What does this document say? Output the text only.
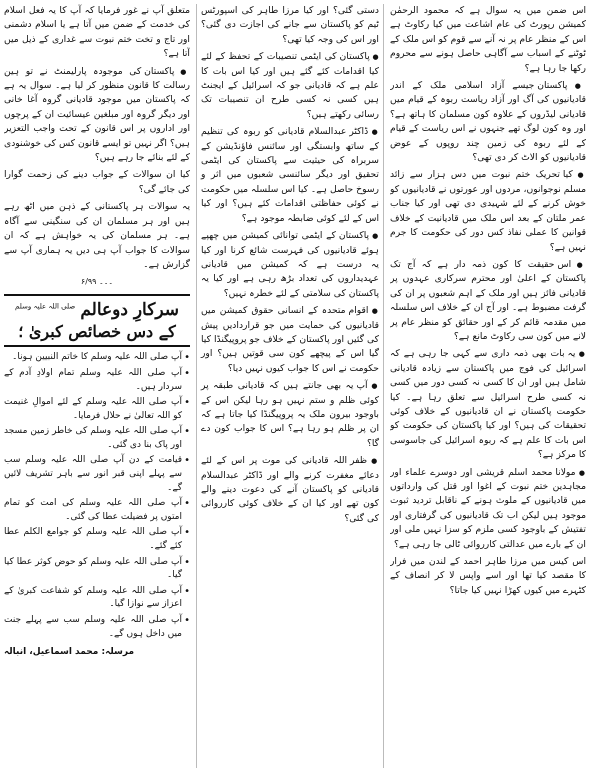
اس ضمن میں یہ سوال ہے کہ محمود الرحمٰن کمیشن رپورٹ کی عام اشاعت میں کیا رکاوٹ ہے اس کے منظر عام پر نہ آنے سے قوم کو اس ملک کے ٹوٹنے کے اسباب سے آگاہی حاصل ہونے سے محروم رکھا جا رہا ہے؟

● پاکستان جیسے آزاد اسلامی ملک کے اندر قادیانیوں کی آگ اور آزاد ریاست ربوہ کے قیام میں قادیانی لیڈروں کے علاوہ کون مسلمان کا ہاتھ ہے؟ اور وہ کون لوگ تھے جنہوں نے اس ریاست کے قیام کے لئے ربوہ کی زمین چند روپوں کے عوض قادیانیوں کو الاٹ کر دی تھی؟

● کیا تحریک ختم نبوت میں دس ہزار سے زائد مسلم نوجوانوں، مردوں اور عورتوں نے قادیانیوں کو خوش کرنے کے لئے شہیدی دی تھی اور کیا جناب عمر ملتان کے بعد اس ملک میں قادیانیت کے خلاف قوانین کا عملی نفاذ کس دور کی حکومت کا جرم نہیں ہے؟

● اس حقیقت کا کون ذمہ دار ہے کہ آج تک پاکستان کے اعلیٰ اور محترم سرکاری عہدوں پر قادیانی فائز ہیں اور ملک کے اہم شعبوں پر ان کی گرفت مضبوط ہے۔ اور آج ان کے خلاف اس سلسلہ میں مقدمہ قائم کر کے اور حقائق کو منظر عام پر لانے میں کون سی رکاوٹ مانع ہے؟

● یہ بات بھی ذمہ داری سے کہی جا رہی ہے کہ اسرائیل کی فوج میں پاکستان سے زیادہ قادیانی شامل ہیں اور ان کا کسی نہ کسی دور میں کسی نہ کسی طرح اسرائیل سے تعلق رہا ہے۔ کیا حکومت پاکستان نے ان قادیانیوں کے خلاف کوئی تحقیقات کی ہیں؟ اور کیا پاکستان کی حکومت کو اس بات کا علم ہے کہ ربوہ اسرائیل کی جاسوسی کا مرکز ہے؟

● مولانا محمد اسلم قریشی اور دوسرے علماء اور مجاہدین ختم نبوت کے اغوا اور قتل کی وارداتوں میں قادیانیوں کے ملوث ہونے کے ناقابل تردید ثبوت موجود ہیں لیکن اب تک قادیانیوں کی گرفتاری اور تفتیش کے باوجود کسی ملزم کو سزا نہیں ملی اور ان کے بارے میں عدالتی کارروائی ٹالی جا رہی ہے؟

اس کیس میں مرزا طاہر احمد کے لندن میں فرار کا مقصد کیا تھا اور اسے واپس لا کر انصاف کے کٹہرے میں کیوں کھڑا نہیں کیا جاتا؟

دستی گئی؟ اور کیا مرزا طاہر کی اسپورٹس ٹیم کو پاکستان سے جانے کی اجازت دی گئی؟ اور اس کی وجہ کیا تھی؟

● پاکستان کی ایٹمی تنصیبات کے تحفظ کے لئے کیا اقدامات کئے گئے ہیں اور کیا اس بات کا علم ہے کہ قادیانی جو کہ اسرائیل کے ایجنٹ ہیں کسی نہ کسی طرح ان تنصیبات تک رسائی رکھتے ہیں؟

● ڈاکٹر عبدالسلام قادیانی کو ربوہ کی تنظیم کے ساتھ وابستگی اور سائنس فاؤنڈیشن کے سربراہ کی حیثیت سے پاکستان کی ایٹمی تحقیق اور دیگر سائنسی شعبوں میں اثر و رسوخ حاصل ہے۔ کیا اس سلسلہ میں حکومت نے کوئی حفاظتی اقدامات کئے ہیں؟ اور کیا اس کے لئے کوئی ضابطہ موجود ہے؟

● پاکستان کے ایٹمی توانائی کمیشن میں چھپے ہوئے قادیانیوں کی فہرست شائع کرنا اور کیا یہ درست ہے کہ کمیشن میں قادیانی عہدیداروں کی تعداد بڑھ رہی ہے اور کیا یہ پاکستان کی سلامتی کے لئے خطرہ نہیں؟

● اقوام متحدہ کے انسانی حقوق کمیشن میں قادیانیوں کی حمایت میں جو قراردادیں پیش کی گئیں اور پاکستان کے خلاف جو پروپیگنڈا کیا گیا اس کے پیچھے کون سی قوتیں ہیں؟ اور حکومت نے اس کا جواب کیوں نہیں دیا؟

● آپ یہ بھی جانتے ہیں کہ قادیانی طبقہ پر کوئی ظلم و ستم نہیں ہو رہا لیکن اس کے باوجود بیرون ملک یہ پروپیگنڈا کیا جاتا ہے کہ ان پر ظلم ہو رہا ہے؟ اس کا جواب کون دے گا؟

● ظفر اللہ قادیانی کی موت پر اس کے لئے دعائے مغفرت کرنے والے اور ڈاکٹر عبدالسلام قادیانی کو پاکستان آنے کی دعوت دینے والے کون تھے اور کیا ان کے خلاف کوئی کارروائی کی گئی؟

متعلق آپ نے غور فرمایا کہ آپ کا یہ فعل اسلام کی خدمت کے ضمن میں آتا ہے یا اسلام دشمنی اور تاج و تخت ختم نبوت سے غداری کے ذیل میں آتا ہے؟

● پاکستان کی موجودہ پارلیمنٹ نے تو ہین رسالت کا قانون منظور کر لیا ہے۔ سوال یہ ہے کہ پاکستان میں موجود قادیانی گروہ آغا خانی اور دیگر گروہ اور مبلغین عیسائیت ان کے پرچوں اور اداروں پر اس قانون کے تحت واجب التعزیر ہیں؟ اگر نہیں تو ایسے قانون کس کی خوشنودی کے لئے بنائے جا رہے ہیں؟

کیا ان سوالات کے جواب دینے کی زحمت گوارا کی جائے گی؟

یہ سوالات ہر پاکستانی کے ذہن میں اٹھ رہے ہیں اور ہر مسلمان ان کی سنگینی سے آگاہ ہے۔ ہر مسلمان کی یہ خواہش ہے کہ ان سوالات کا جواب آپ ہی دیں یہ ہماری آپ سے گزارش ہے۔

۔۔۔ ۶/۹۹

سرکارِ دوعالم $^{صلی اللہ علیہ وسلم}$
کے دس خصائص کبریٰ ؛
• آپ صلی اللہ علیہ وسلم کا خاتم النبیین ہونا۔
• آپ صلی اللہ علیہ وسلم تمام اولادِ آدم کے سردار ہیں۔
• آپ صلی اللہ علیہ وسلم کے لئے اموالِ غنیمت کو اللہ تعالیٰ نے حلال فرمایا۔
• آپ صلی اللہ علیہ وسلم کی خاطر زمین مسجد اور پاک بنا دی گئی۔
• قیامت کے دن آپ صلی اللہ علیہ وسلم سب سے پہلے اپنی قبر انور سے باہر تشریف لائیں گے۔
• آپ صلی اللہ علیہ وسلم کی امت کو تمام امتوں پر فضیلت عطا کی گئی۔
• آپ صلی اللہ علیہ وسلم کو جوامع الکلم عطا کئے گئے۔
• آپ صلی اللہ علیہ وسلم کو حوض کوثر عطا کیا گیا۔
• آپ صلی اللہ علیہ وسلم کو شفاعت کبریٰ کے اعزاز سے نوازا گیا۔
• آپ صلی اللہ علیہ وسلم سب سے پہلے جنت میں داخل ہوں گے۔

مرسلہ: محمد اسماعیل، انبالہ
